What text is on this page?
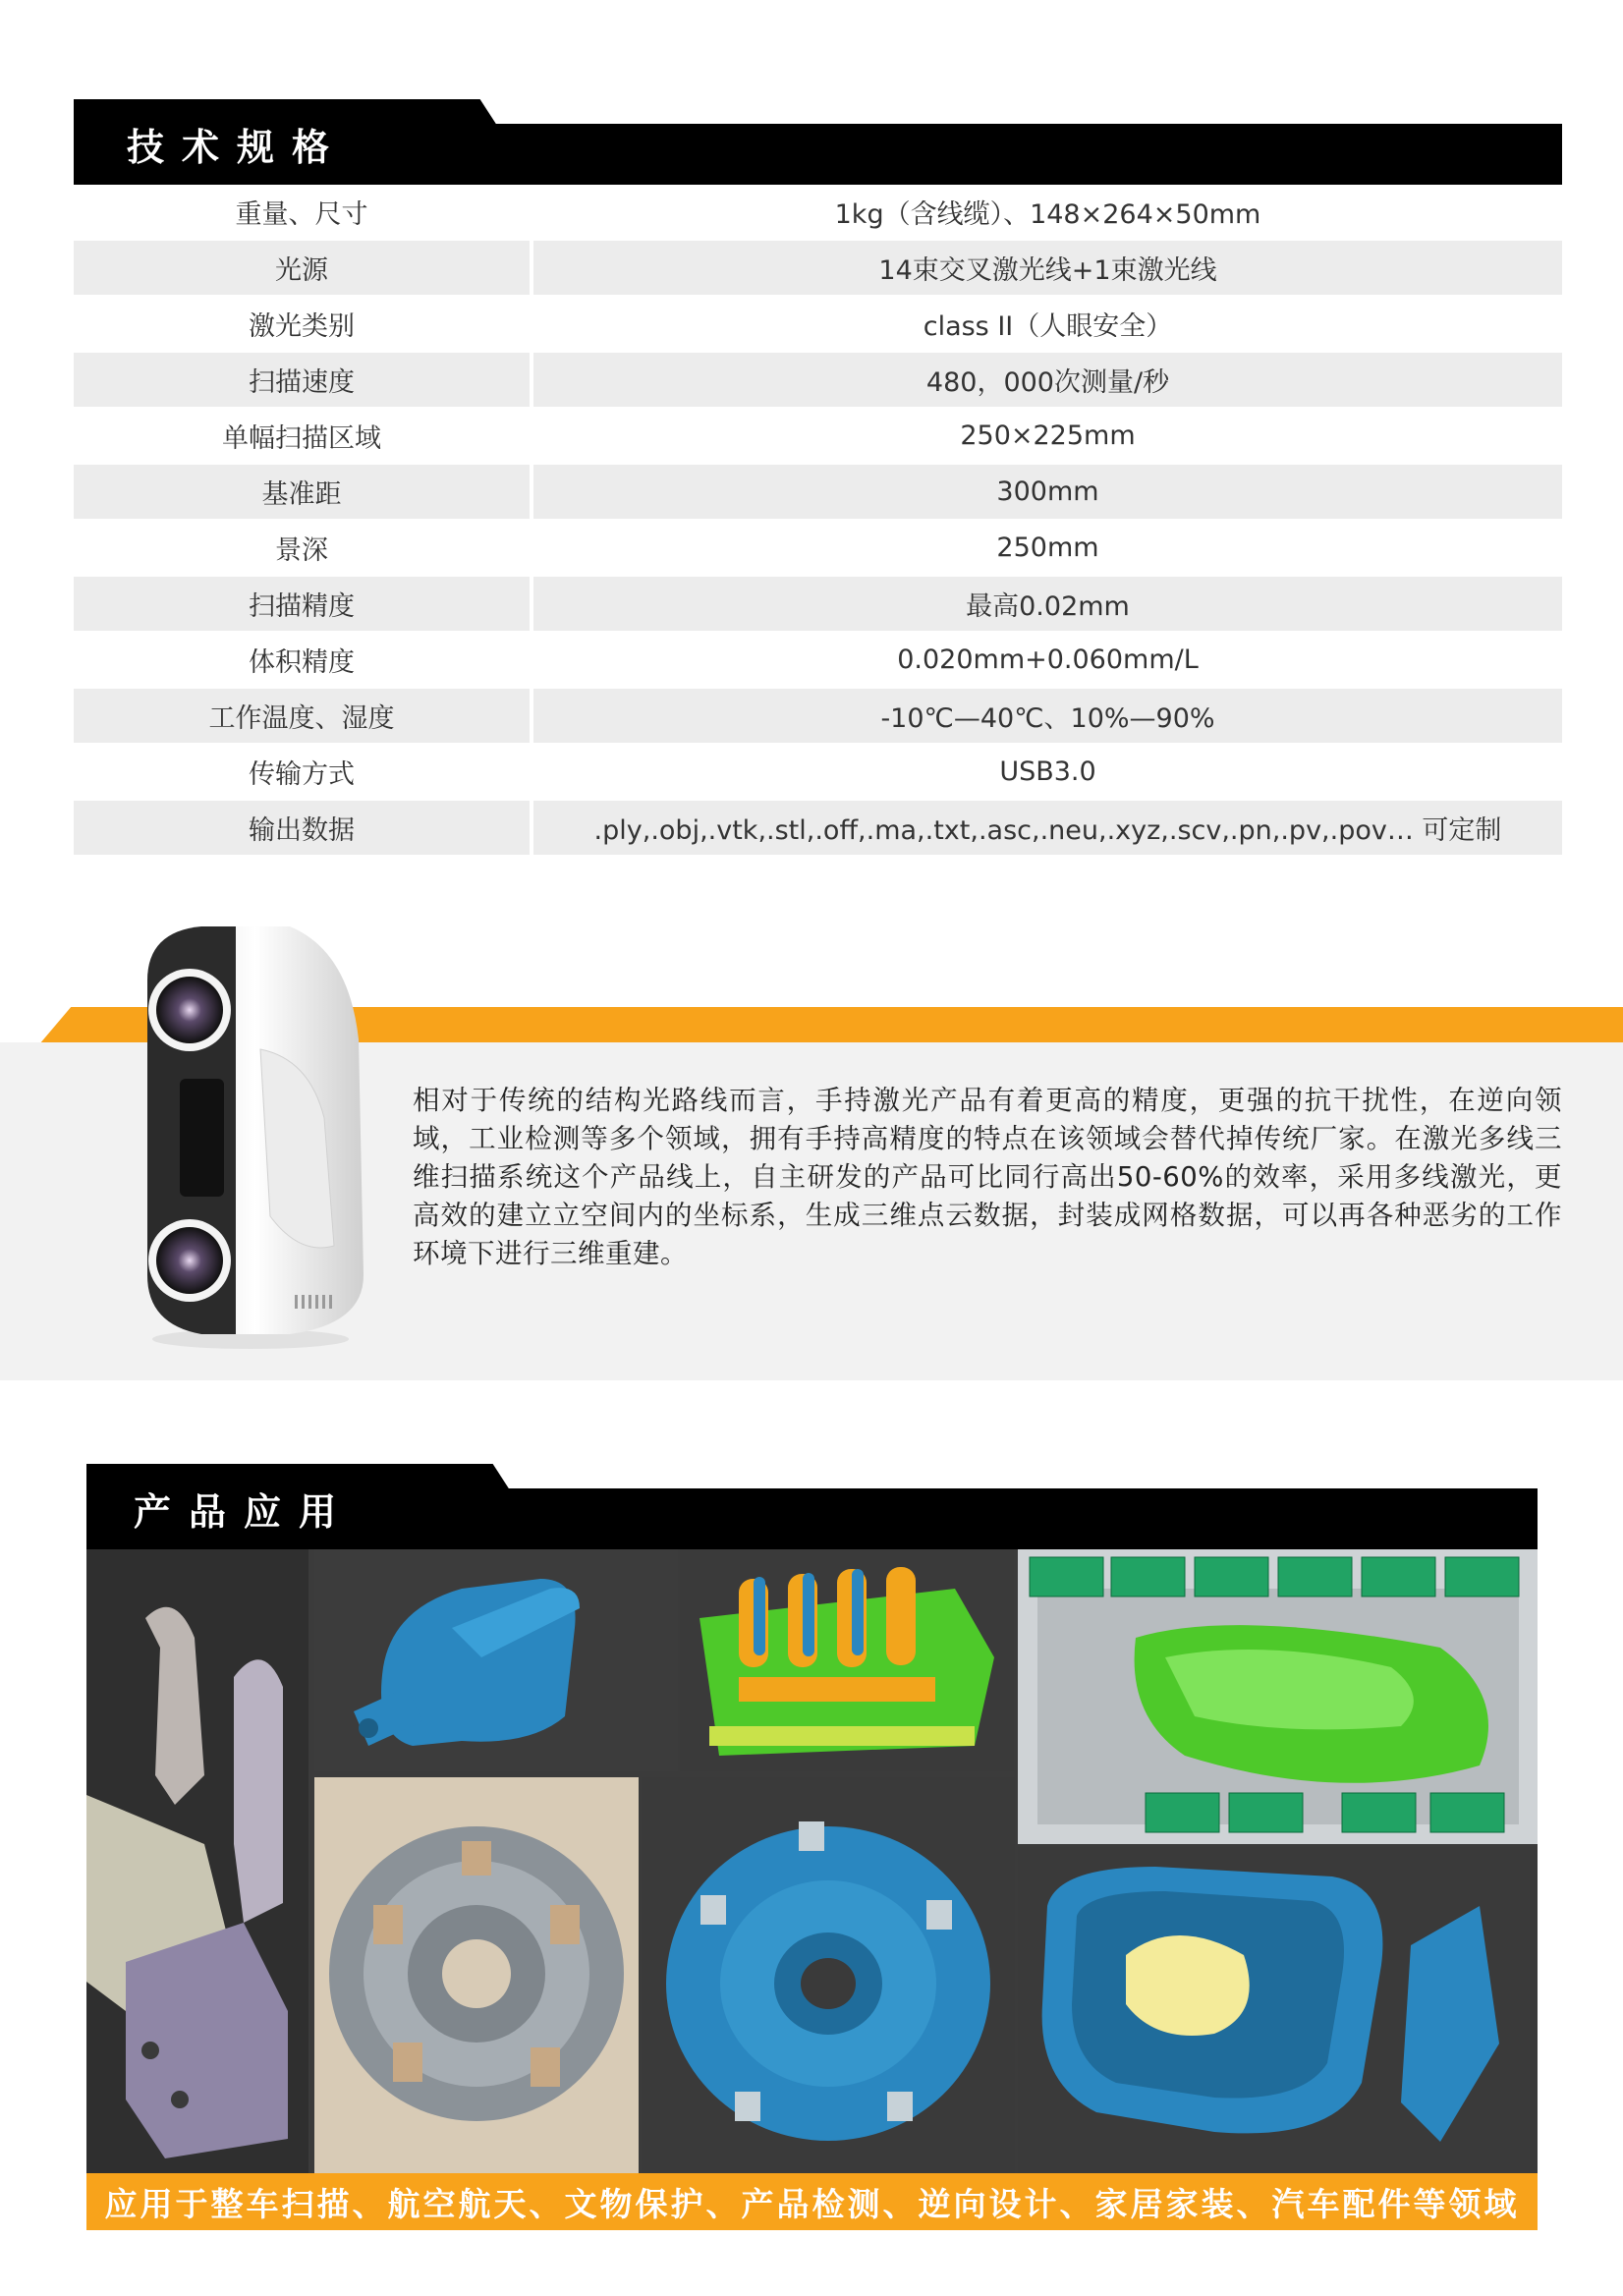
技术规格
重量、尺寸	1kg（含线缆）、148×264×50mm
光源	14束交叉激光线+1束激光线
激光类别	class II（人眼安全）
扫描速度	480，000次测量/秒
单幅扫描区域	250×225mm
基准距	300mm
景深	250mm
扫描精度	最高0.02mm
体积精度	0.020mm+0.060mm/L
工作温度、湿度	-10℃—40℃、10%—90%
传输方式	USB3.0
输出数据	.ply,.obj,.vtk,.stl,.off,.ma,.txt,.asc,.neu,.xyz,.scv,.pn,.pv,.pov… 可定制
相对于传统的结构光路线而言，手持激光产品有着更高的精度，更强的抗干扰性，在逆向领域，工业检测等多个领域，拥有手持高精度的特点在该领域会替代掉传统厂家。在激光多线三维扫描系统这个产品线上，自主研发的产品可比同行高出50-60%的效率，采用多线激光，更高效的建立立空间内的坐标系，生成三维点云数据，封装成网格数据，可以再各种恶劣的工作环境下进行三维重建。
产品应用
应用于整车扫描、航空航天、文物保护、产品检测、逆向设计、家居家装、汽车配件等领域
